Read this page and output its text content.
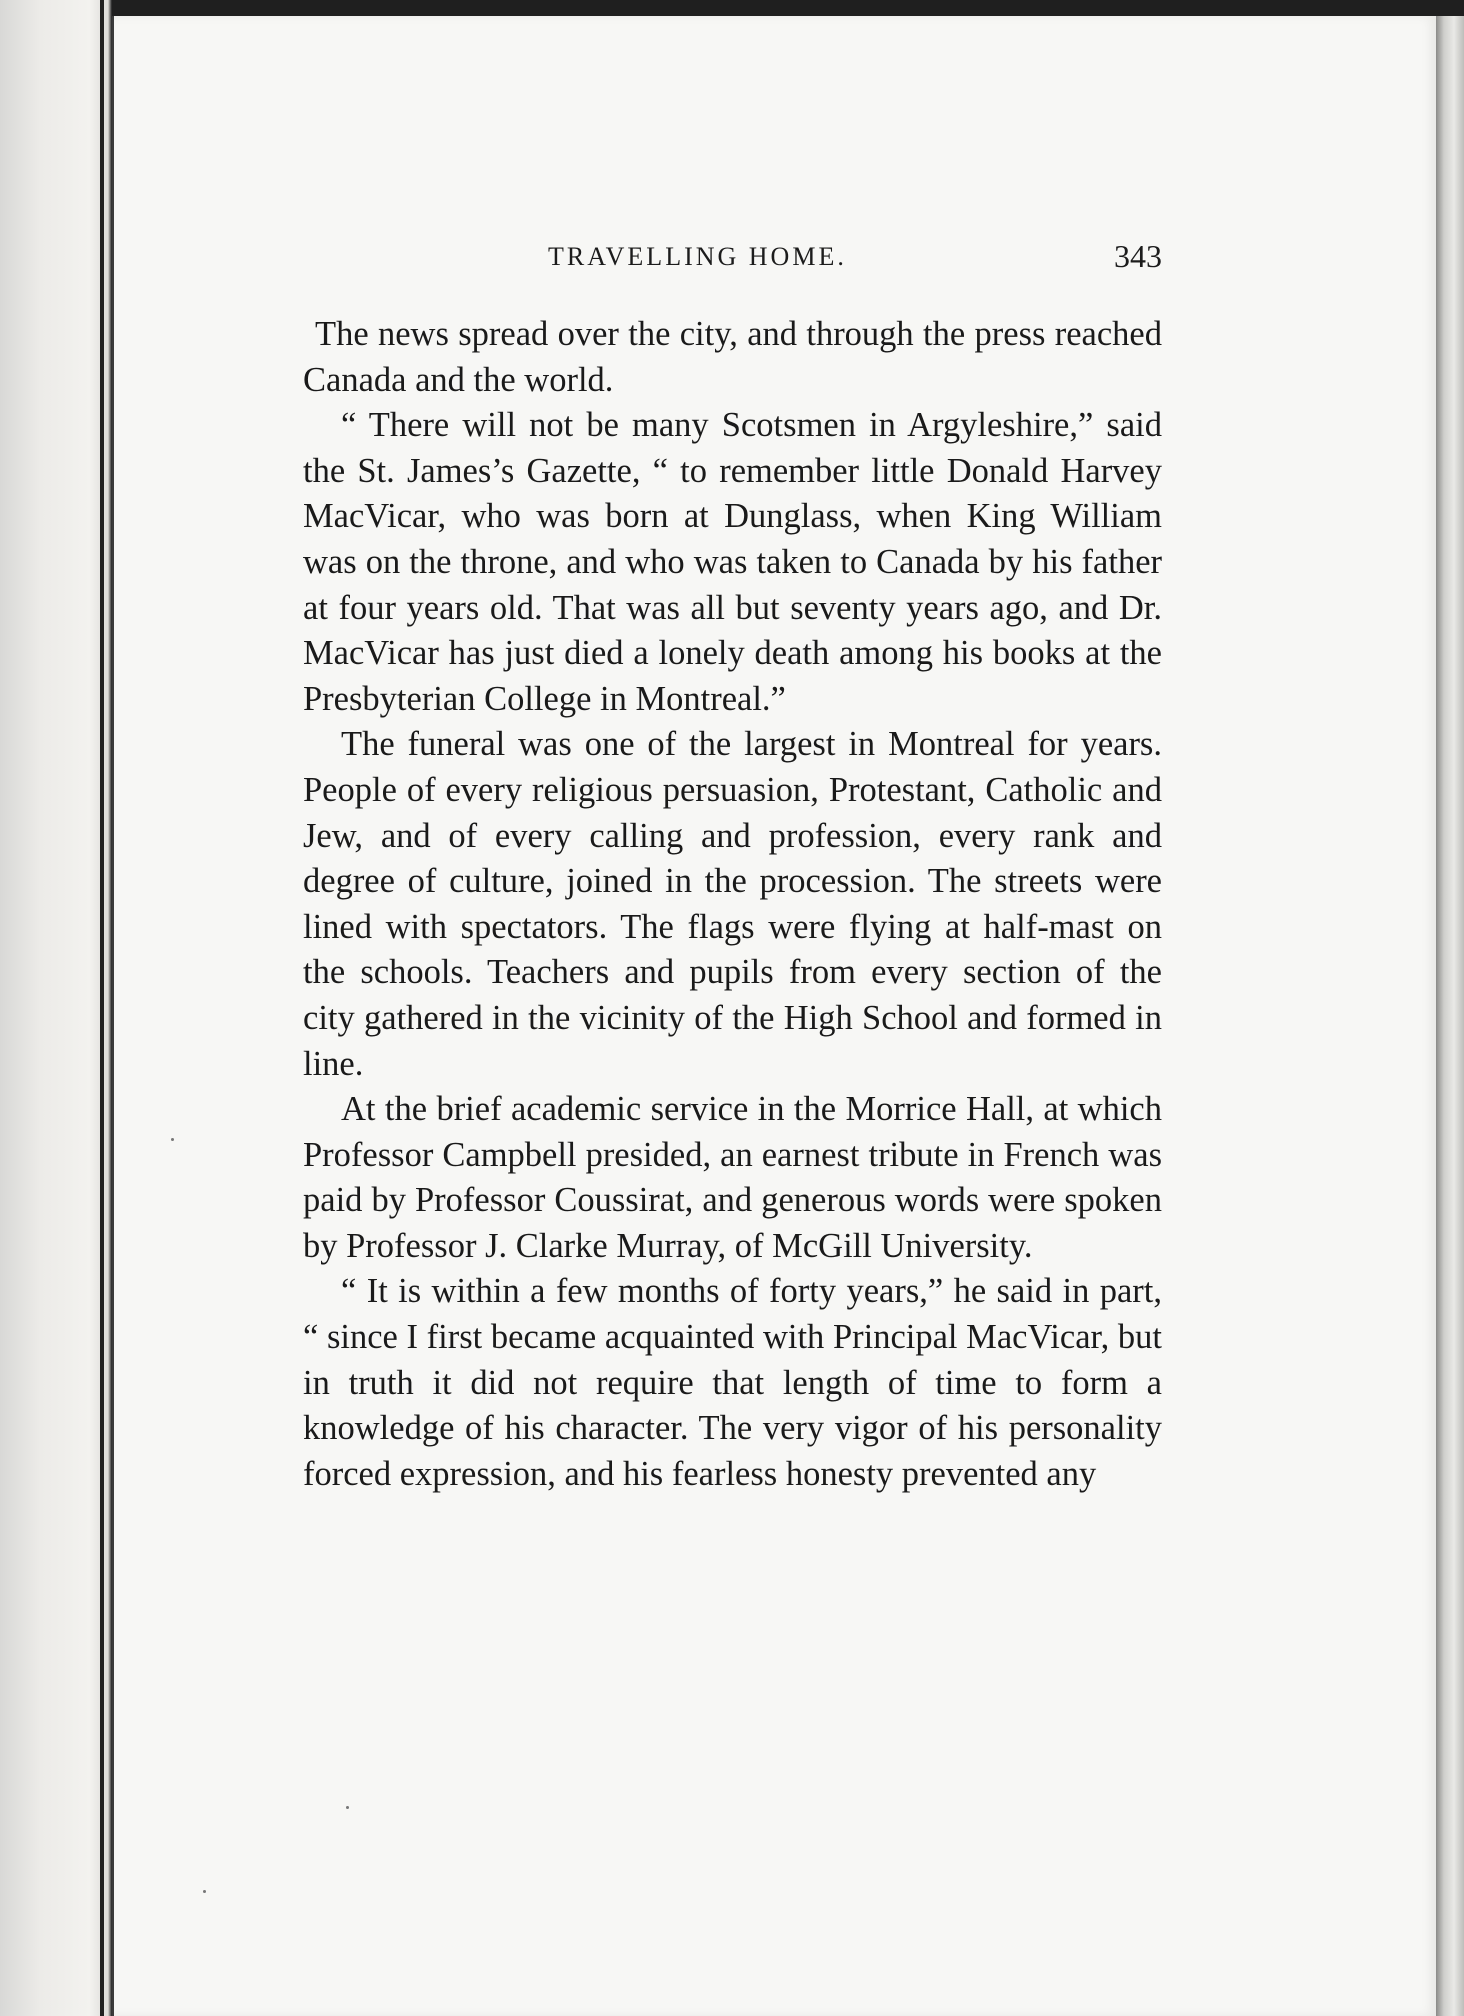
TRAVELLING HOME.	343

The news spread over the city, and through the press reached Canada and the world.

“ There will not be many Scotsmen in Argyleshire,” said the St. James’s Gazette, “ to remember little Donald Harvey MacVicar, who was born at Dunglass, when King William was on the throne, and who was taken to Canada by his father at four years old. That was all but seventy years ago, and Dr. MacVicar has just died a lonely death among his books at the Presbyterian College in Montreal.”

The funeral was one of the largest in Montreal for years. People of every religious persuasion, Protestant, Catholic and Jew, and of every calling and profession, every rank and degree of culture, joined in the procession. The streets were lined with spectators. The flags were flying at half-mast on the schools. Teachers and pupils from every section of the city gathered in the vicinity of the High School and formed in line.

At the brief academic service in the Morrice Hall, at which Professor Campbell presided, an earnest tribute in French was paid by Professor Coussirat, and generous words were spoken by Professor J. Clarke Murray, of McGill University.

“ It is within a few months of forty years,” he said in part, “ since I first became acquainted with Principal MacVicar, but in truth it did not require that length of time to form a knowledge of his character. The very vigor of his personality forced expression, and his fearless honesty prevented any
